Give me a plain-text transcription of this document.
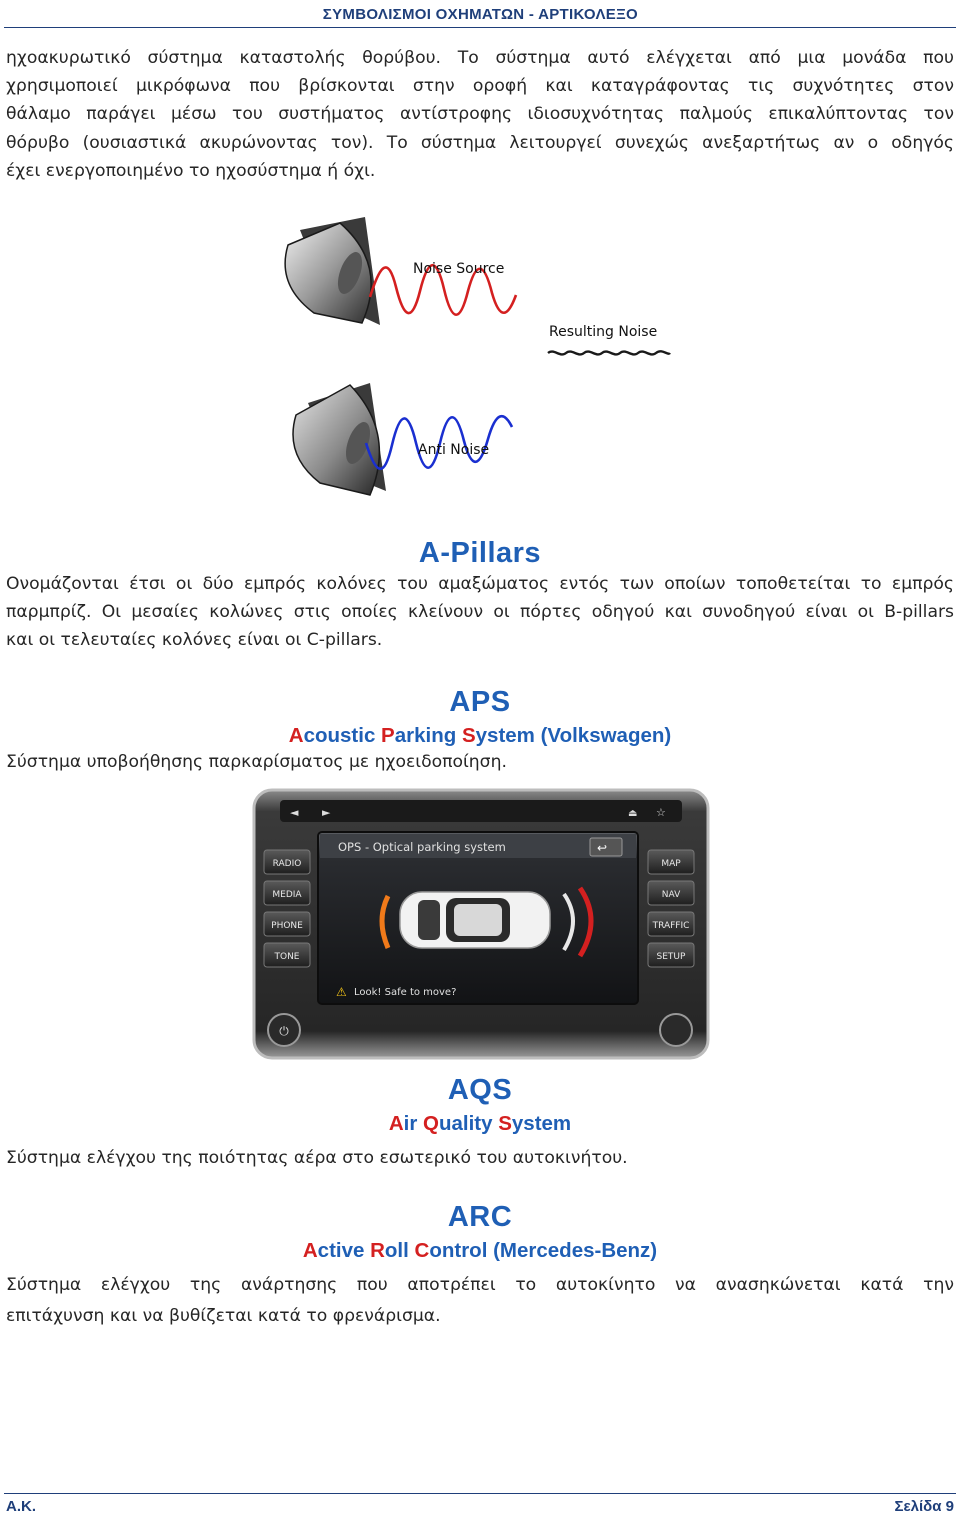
ΣΥΜΒΟΛΙΣΜΟΙ ΟΧΗΜΑΤΩΝ - ΑΡΤΙΚΟΛΕΞΟ

ηχοακυρωτικό σύστημα καταστολής θορύβου. Το σύστημα αυτό ελέγχεται από μια μονάδα που
χρησιμοποιεί μικρόφωνα που βρίσκονται στην οροφή και καταγράφοντας τις συχνότητες στον
θάλαμο παράγει μέσω του συστήματος αντίστροφης ιδιοσυχνότητας παλμούς επικαλύπτοντας τον
θόρυβο (ουσιαστικά ακυρώνοντας τον). Το σύστημα λειτουργεί συνεχώς ανεξαρτήτως αν ο οδηγός
έχει ενεργοποιημένο το ηχοσύστημα ή όχι.

Noise Source
Resulting Noise
Anti Noise
A-Pillars

Ονομάζονται έτσι οι δύο εμπρός κολόνες του αμαξώματος εντός των οποίων τοποθετείται το εμπρός
παρμπρίζ. Οι μεσαίες κολώνες στις οποίες κλείνουν οι πόρτες οδηγού και συνοδηγού είναι οι B-pillars
και οι τελευταίες κολόνες είναι οι C-pillars.

APS
Acoustic Parking System (Volkswagen)

Σύστημα υποβοήθησης παρκαρίσματος με ηχοειδοποίηση.

◄ ►	☆
⏏
OPS - Optical parking system	↩
⚠ Look! Safe to move?
RADIO
MEDIA
PHONE
TONE
MAP
NAV
TRAFFIC
SETUP
⏻
AQS
Air Quality System

Σύστημα ελέγχου της ποιότητας αέρα στο εσωτερικό του αυτοκινήτου.

ARC
Active Roll Control (Mercedes-Benz)

Σύστημα ελέγχου της ανάρτησης που αποτρέπει το αυτοκίνητο να ανασηκώνεται κατά την
επιτάχυνση και να βυθίζεται κατά το φρενάρισμα.

Α.Κ.	Σελίδα 9
